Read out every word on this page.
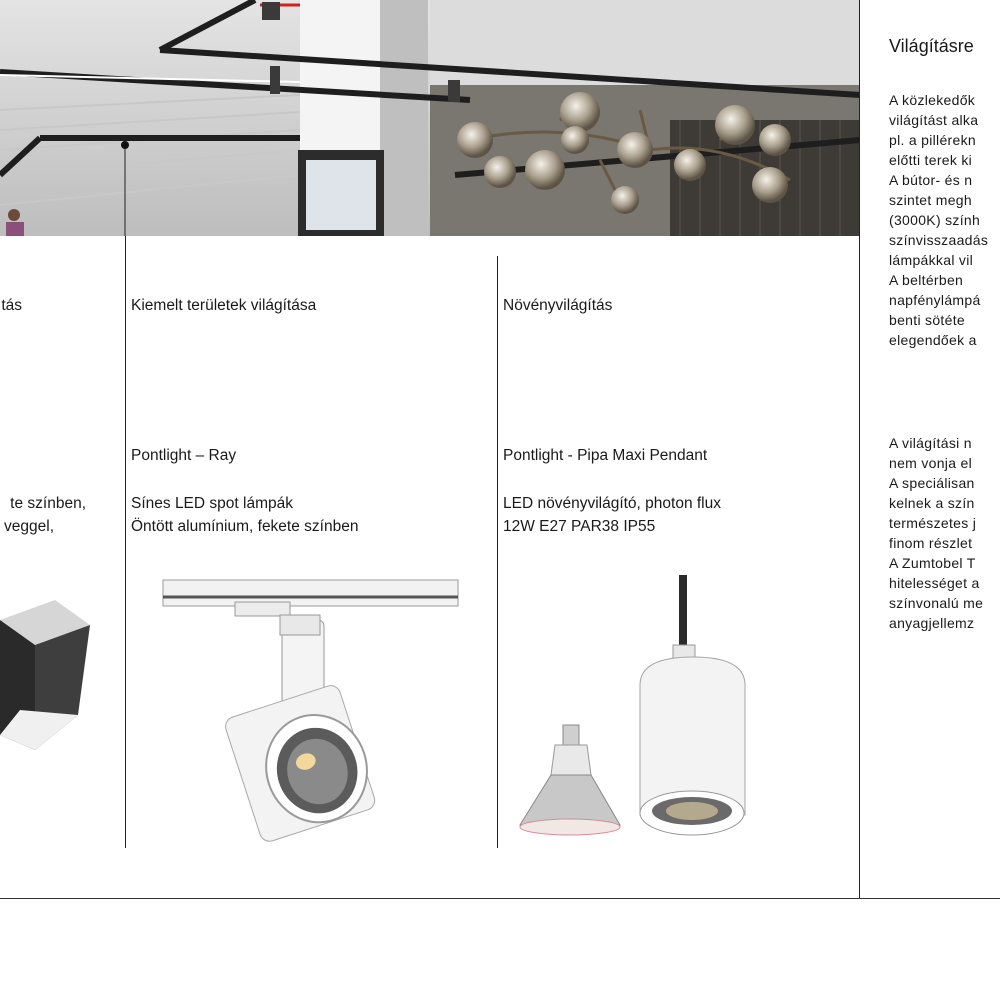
tás
te színben,
veggel,
Kiemelt területek világítása
Pontlight – Ray
Sínes LED spot lámpák
Öntött alumínium, fekete színben
Növényvilágítás
Pontlight - Pipa Maxi Pendant
LED növényvilágító, photon flux
12W E27 PAR38 IP55
Világításre
A közlekedők
világítást alka
pl. a pillérekn
előtti terek ki
A bútor- és n
szintet megh
(3000K) szính
színvisszaadás
lámpákkal vil
A beltérben
napfénylámpá
benti sötéte
elegendőek a
A világítási n
nem vonja el
A speciálisan
kelnek a szín
természetes j
finom részlet
A Zumtobel T
hitelességet a
színvonalú me
anyagjellemz
